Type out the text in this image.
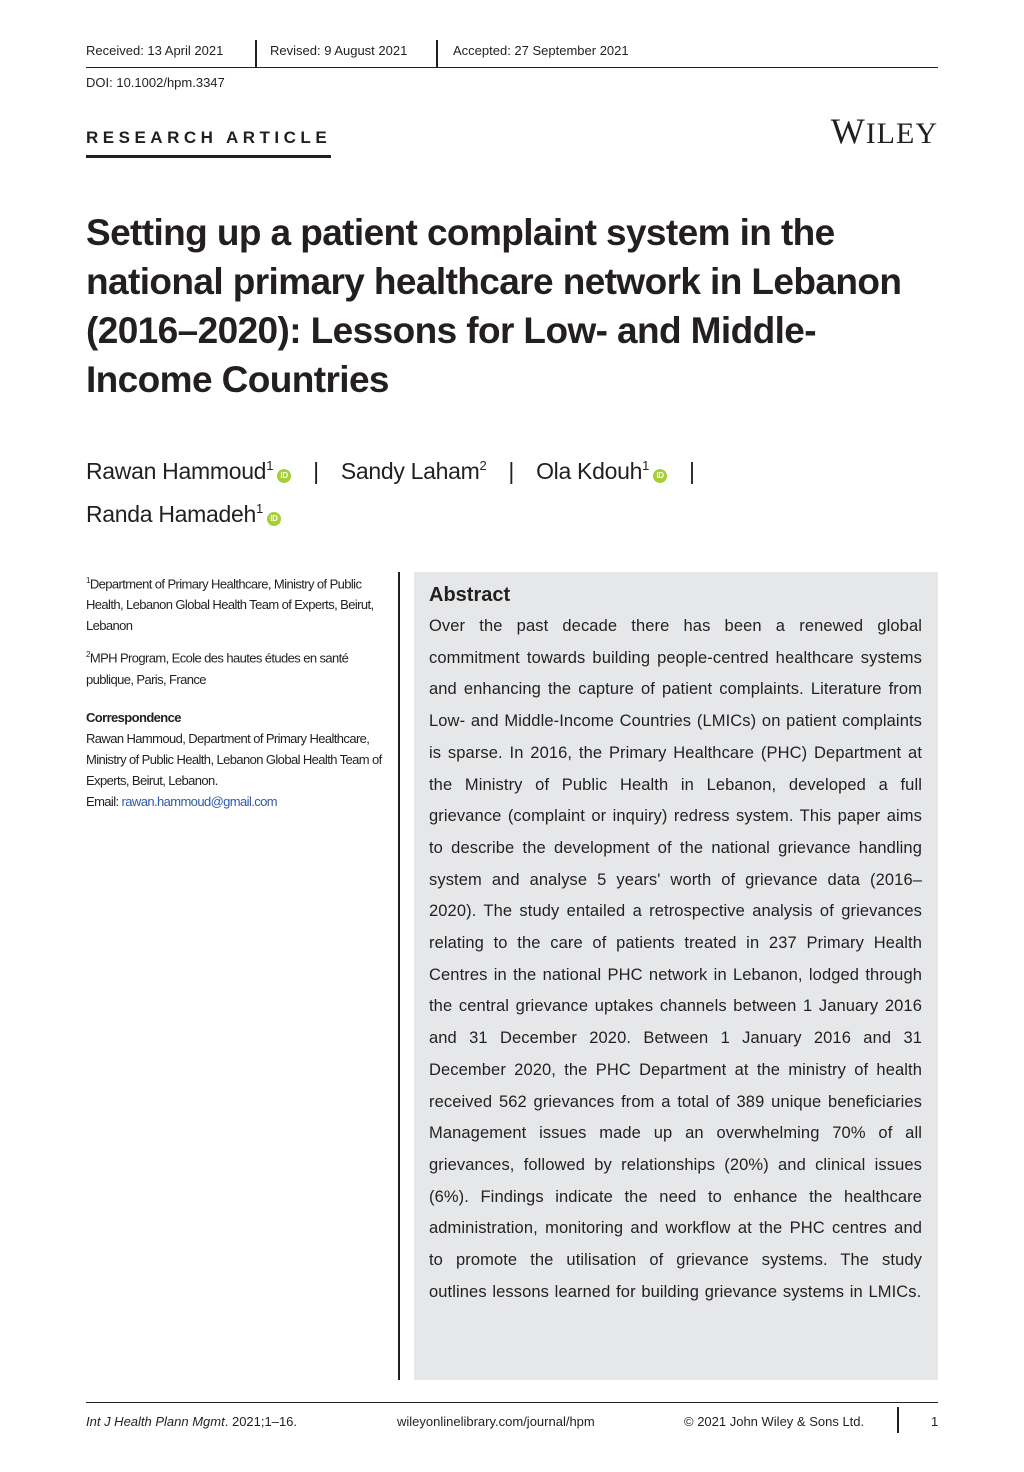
Received: 13 April 2021	Revised: 9 August 2021	Accepted: 27 September 2021
DOI: 10.1002/hpm.3347
RESEARCH ARTICLE	WILEY
Setting up a patient complaint system in the national primary healthcare network in Lebanon (2016–2020): Lessons for Low- and Middle-Income Countries
Rawan Hammoud$^1$iD | Sandy Laham$^2$ | Ola Kdouh$^1$iD |
Randa Hamadeh$^1$iD

$^1$Department of Primary Healthcare, Ministry of Public Health, Lebanon Global Health Team of Experts, Beirut, Lebanon

$^2$MPH Program, Ecole des hautes études en santé publique, Paris, France

Correspondence

Rawan Hammoud, Department of Primary Healthcare, Ministry of Public Health, Lebanon Global Health Team of Experts, Beirut, Lebanon.

Email: rawan.hammoud@gmail.com

Abstract

Over the past decade there has been a renewed global commitment towards building people-centred healthcare systems and enhancing the capture of patient complaints. Literature from Low- and Middle-Income Countries (LMICs) on patient complaints is sparse. In 2016, the Primary Healthcare (PHC) Department at the Ministry of Public Health in Lebanon, developed a full grievance (complaint or inquiry) redress system. This paper aims to describe the development of the national grievance handling system and analyse 5 years' worth of grievance data (2016–2020). The study entailed a retrospective analysis of grievances relating to the care of patients treated in 237 Primary Health Centres in the national PHC network in Lebanon, lodged through the central grievance uptakes channels between 1 January 2016 and 31 December 2020. Between 1 January 2016 and 31 December 2020, the PHC Department at the ministry of health received 562 grievances from a total of 389 unique beneficiaries Management issues made up an overwhelming 70% of all grievances, followed by relationships (20%) and clinical issues (6%). Findings indicate the need to enhance the healthcare administration, monitoring and workflow at the PHC centres and to promote the utilisation of grievance systems. The study outlines lessons learned for building grievance systems in LMICs.

Int J Health Plann Mgmt. 2021;1–16.	wileyonlinelibrary.com/journal/hpm	© 2021 John Wiley & Sons Ltd.	1
